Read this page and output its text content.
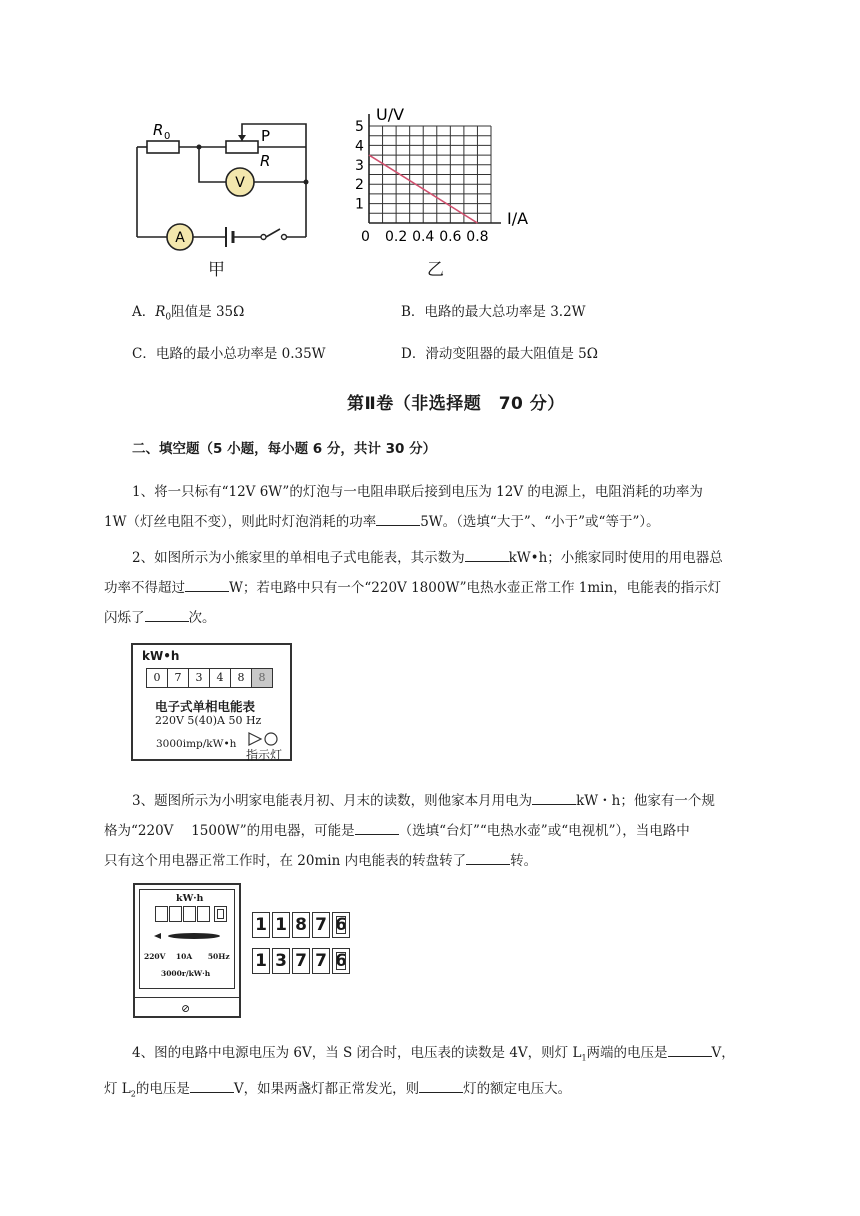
V
A
R 0	P
R
甲
1
2
3
4
5
0 0.2 0.4 0.6 0.8
U/V
I/A
乙
A．$R_0$阻值是 35Ω	B．电路的最大总功率是 3.2W
C．电路的最小总功率是 0.35W	D．滑动变阻器的最大阻值是 5Ω
第Ⅱ卷（非选择题　70 分）
二、填空题（5 小题，每小题 6 分，共计 30 分）
1、将一只标有“12V 6W”的灯泡与一电阻串联后接到电压为 12V 的电源上，电阻消耗的功率为
1W（灯丝电阻不变），则此时灯泡消耗的功率	5W。（选填“大于”、“小于”或“等于”）。
2、如图所示为小熊家里的单相电子式电能表，其示数为	kW•h；小熊家同时使用的用电器总
功率不得超过	W；若电路中只有一个“220V 1800W”电热水壶正常工作 1min，电能表的指示灯
闪烁了	次。
kW•h
0	7	3	4	8	8
电子式单相电能表
220V 5(40)A 50 Hz
3000imp/kW•h
指示灯
3、题图所示为小明家电能表月初、月末的读数，则他家本月用电为	kW・h；他家有一个规
格为“220V　 1500W”的用电器，可能是	（选填“台灯”“电热水壶”或“电视机”），当电路中
只有这个用电器正常工作时，在 20min 内电能表的转盘转了	转。
kW·h
220V    10A      50Hz
3000r/kW·h
⊘
1 1 8 7 6
1 3 7 7 6
4、图的电路中电源电压为 6V，当 S 闭合时，电压表的读数是 4V，则灯 $L_1$两端的电压是	V，
灯 $L_2$的电压是	V，如果两盏灯都正常发光，则	灯的额定电压大。
